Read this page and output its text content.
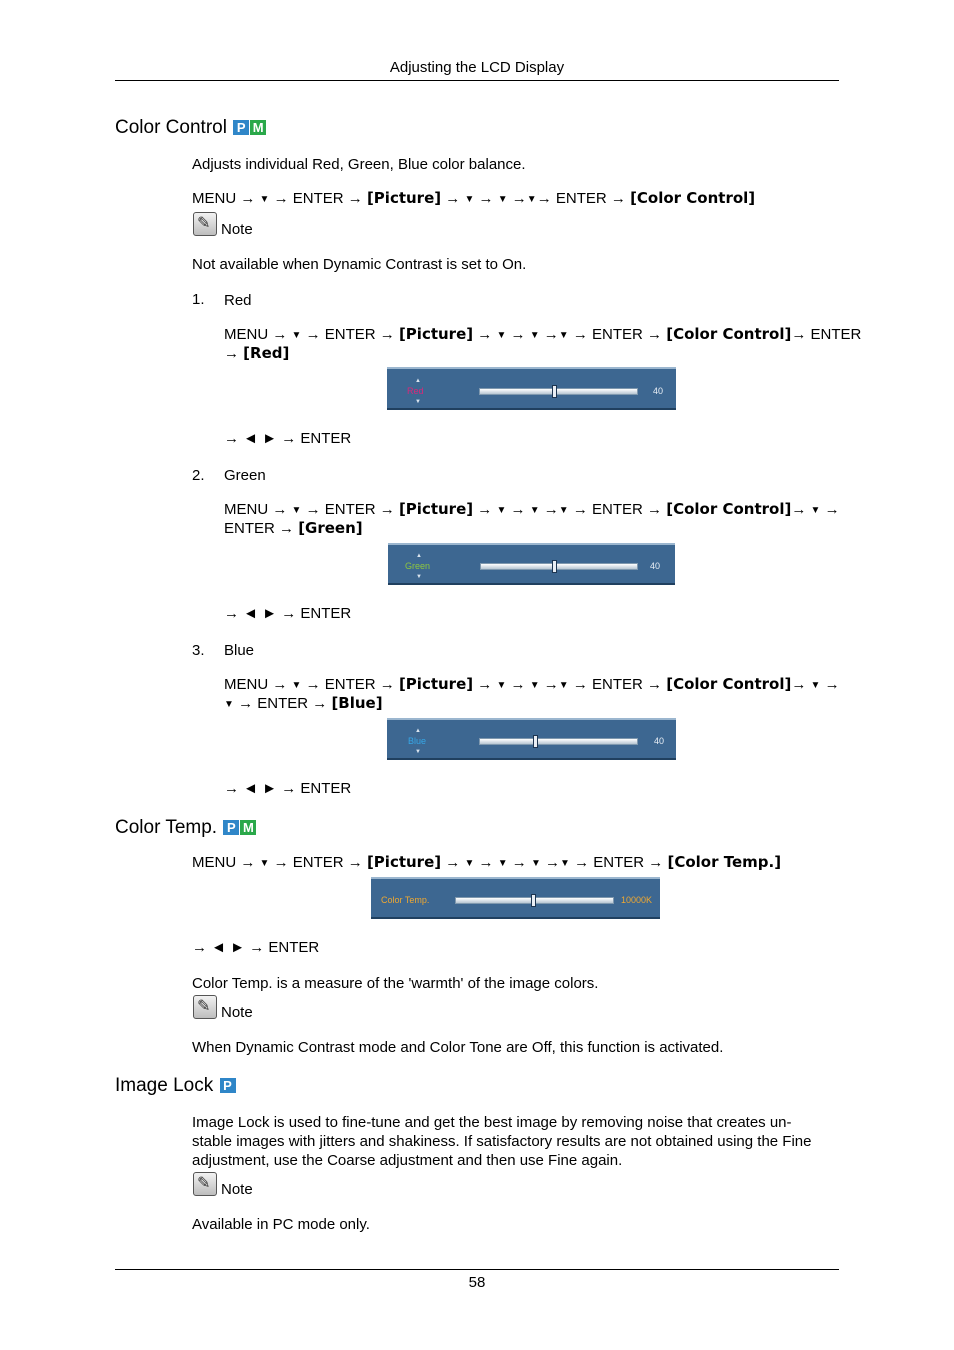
Adjusting the LCD Display
Color Control P M
Adjusts individual Red, Green, Blue color balance.
MENU → ▼ → ENTER → [Picture] → ▼ → ▼ →▼→ ENTER → [Color Control]
✎ Note
Not available when Dynamic Contrast is set to On.
1. Red
MENU → ▼ → ENTER → [Picture] → ▼ → ▼ →▼ → ENTER → [Color Control]→ ENTER
→ [Red]
▲
Red
▼
40
→ ◄ ► → ENTER
2. Green
MENU → ▼ → ENTER → [Picture] → ▼ → ▼ →▼ → ENTER → [Color Control]→ ▼ →
ENTER → [Green]
▲
Green
▼
40
→ ◄ ► → ENTER
3. Blue
MENU → ▼ → ENTER → [Picture] → ▼ → ▼ →▼ → ENTER → [Color Control]→ ▼ →
▼ → ENTER → [Blue]
▲
Blue
▼
40
→ ◄ ► → ENTER
Color Temp. P M
MENU → ▼ → ENTER → [Picture] → ▼ → ▼ → ▼ →▼ → ENTER → [Color Temp.]
Color Temp.	10000K
→ ◄ ► → ENTER
Color Temp. is a measure of the 'warmth' of the image colors.
✎ Note
When Dynamic Contrast mode and Color Tone are Off, this function is activated.
Image Lock P
Image Lock is used to fine-tune and get the best image by removing noise that creates un-
stable images with jitters and shakiness. If satisfactory results are not obtained using the Fine
adjustment, use the Coarse adjustment and then use Fine again.
✎ Note
Available in PC mode only.
58
